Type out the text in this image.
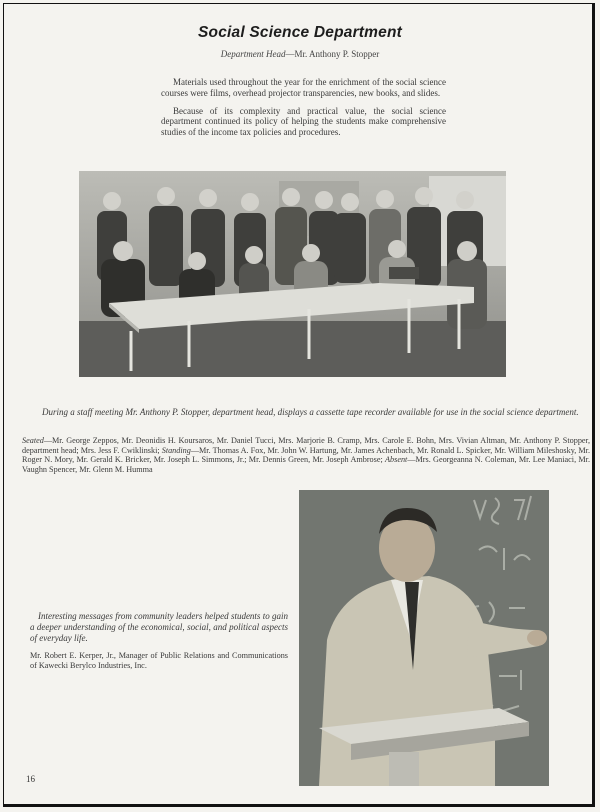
Social Science Department
Department Head—Mr. Anthony P. Stopper

Materials used throughout the year for the enrichment of the social science courses were films, overhead projector transparencies, new books, and slides.

Because of its complexity and practical value, the social science department continued its policy of helping the students make comprehensive studies of the income tax policies and procedures.

During a staff meeting Mr. Anthony P. Stopper, department head, displays a cassette tape recorder available for use in the social science department.
Seated—Mr. George Zeppos, Mr. Deonidis H. Koursaros, Mr. Daniel Tucci, Mrs. Marjorie B. Cramp, Mrs. Carole E. Bohn, Mrs. Vivian Altman, Mr. Anthony P. Stopper, department head; Mrs. Jess F. Cwiklinski; Standing—Mr. Thomas A. Fox, Mr. John W. Hartung, Mr. James Achenbach, Mr. Ronald L. Spicker, Mr. William Mileshosky, Mr. Roger N. Mory, Mr. Gerald K. Bricker, Mr. Joseph L. Simmons, Jr.; Mr. Dennis Green, Mr. Joseph Ambrose; Absent—Mrs. Georgeanna N. Coleman, Mr. Lee Maniaci, Mr. Vaughn Spencer, Mr. Glenn M. Humma
Interesting messages from community leaders helped students to gain a deeper understanding of the economical, social, and political aspects of everyday life.
Mr. Robert E. Kerper, Jr., Manager of Public Relations and Communications of Kawecki Berylco Industries, Inc.
16
